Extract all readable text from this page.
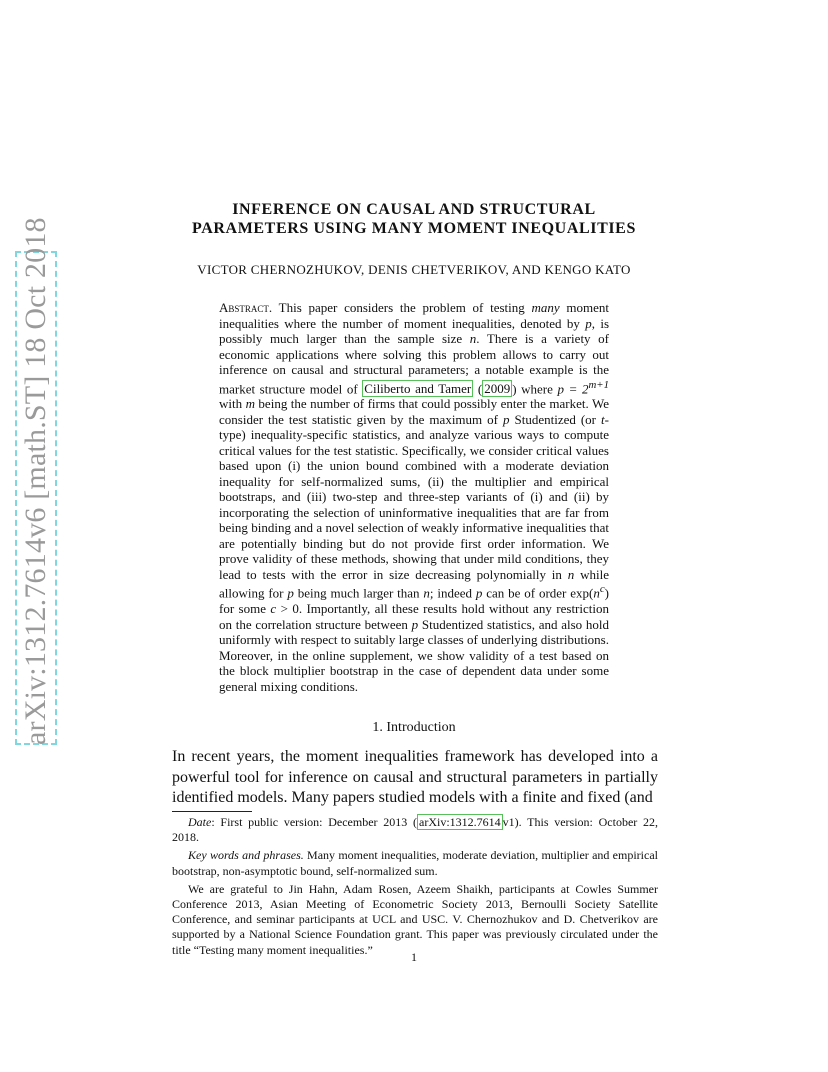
arXiv:1312.7614v6 [math.ST] 18 Oct 2018
INFERENCE ON CAUSAL AND STRUCTURAL
PARAMETERS USING MANY MOMENT INEQUALITIES
VICTOR CHERNOZHUKOV, DENIS CHETVERIKOV, AND KENGO KATO
Abstract. This paper considers the problem of testing many moment inequalities where the number of moment inequalities, denoted by p, is possibly much larger than the sample size n. There is a variety of economic applications where solving this problem allows to carry out inference on causal and structural parameters; a notable example is the market structure model of Ciliberto and Tamer ( 2009 ) where $p = 2^{m+1}$ with m being the number of firms that could possibly enter the market. We consider the test statistic given by the maximum of p Studentized (or t-type) inequality-specific statistics, and analyze various ways to compute critical values for the test statistic. Specifically, we consider critical values based upon (i) the union bound combined with a moderate deviation inequality for self-normalized sums, (ii) the multiplier and empirical bootstraps, and (iii) two-step and three-step variants of (i) and (ii) by incorporating the selection of uninformative inequalities that are far from being binding and a novel selection of weakly informative inequalities that are potentially binding but do not provide first order information. We prove validity of these methods, showing that under mild conditions, they lead to tests with the error in size decreasing polynomially in n while allowing for p being much larger than n; indeed p can be of order $\exp(n^c)$ for some c > 0. Importantly, all these results hold without any restriction on the correlation structure between p Studentized statistics, and also hold uniformly with respect to suitably large classes of underlying distributions. Moreover, in the online supplement, we show validity of a test based on the block multiplier bootstrap in the case of dependent data under some general mixing conditions.
1. Introduction
In recent years, the moment inequalities framework has developed into a powerful tool for inference on causal and structural parameters in partially identified models. Many papers studied models with a finite and fixed (and

Date: First public version: December 2013 ( arXiv:1312.7614 v1). This version: October 22, 2018.

Key words and phrases. Many moment inequalities, moderate deviation, multiplier and empirical bootstrap, non-asymptotic bound, self-normalized sum.

We are grateful to Jin Hahn, Adam Rosen, Azeem Shaikh, participants at Cowles Summer Conference 2013, Asian Meeting of Econometric Society 2013, Bernoulli Society Satellite Conference, and seminar participants at UCL and USC. V. Chernozhukov and D. Chetverikov are supported by a National Science Foundation grant. This paper was previously circulated under the title “Testing many moment inequalities.”

1
